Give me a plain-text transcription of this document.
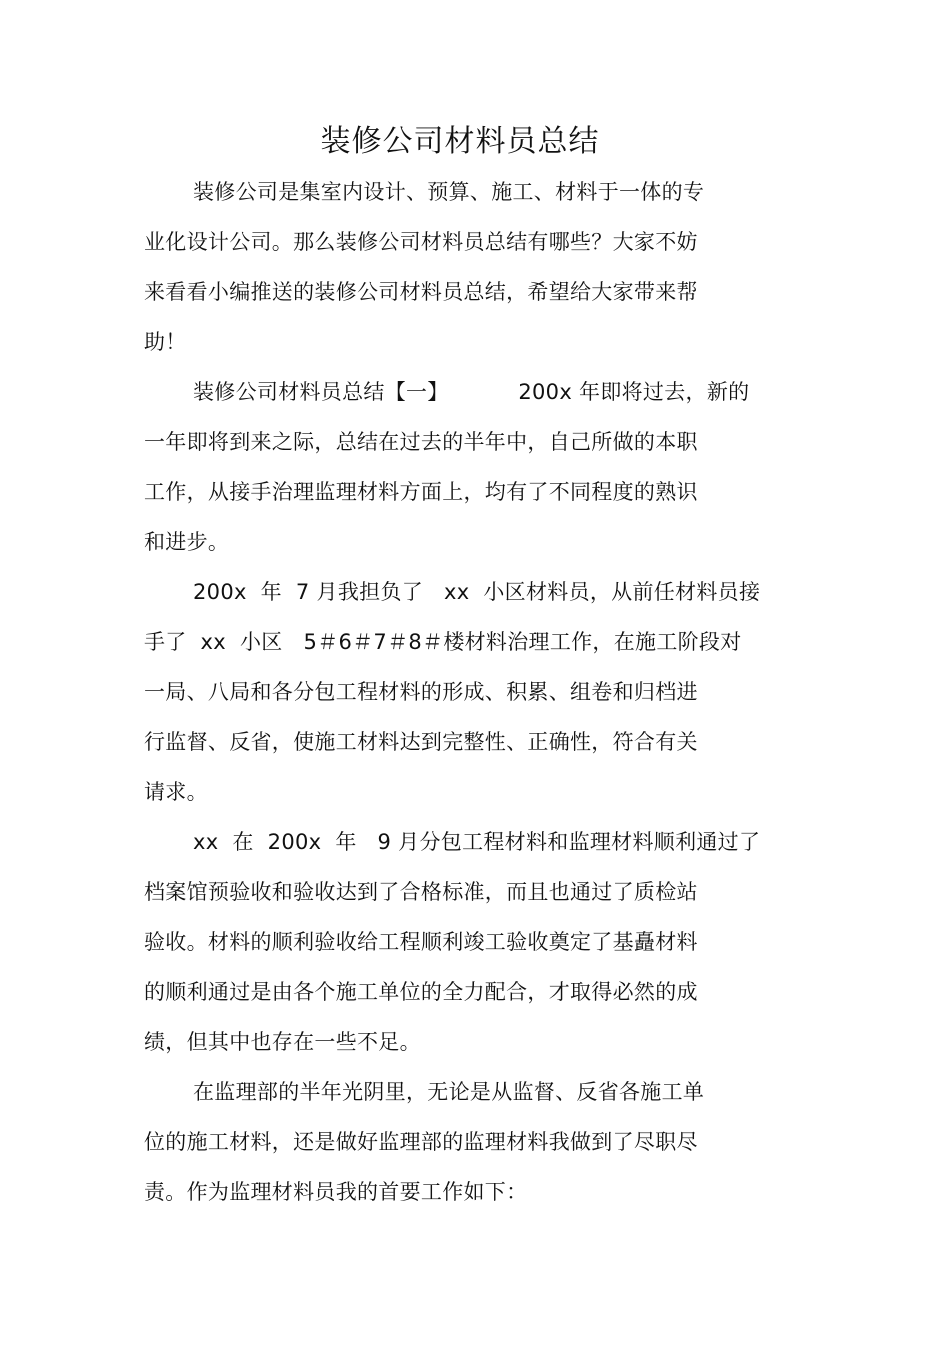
装修公司材料员总结
装修公司是集室内设计、预算、施工、材料于一体的专
业化设计公司。那么装修公司材料员总结有哪些？大家不妨
来看看小编推送的装修公司材料员总结，希望给大家带来帮
助！
装修公司材料员总结【一】          200x 年即将过去，新的
一年即将到来之际，总结在过去的半年中，自己所做的本职
工作，从接手治理监理材料方面上，均有了不同程度的熟识
和进步。
200x  年  7 月我担负了   xx  小区材料员，从前任材料员接
手了  xx  小区   5＃6＃7＃8＃楼材料治理工作，在施工阶段对
一局、八局和各分包工程材料的形成、积累、组卷和归档进
行监督、反省，使施工材料达到完整性、正确性，符合有关
请求。
xx  在  200x  年   9 月分包工程材料和监理材料顺利通过了
档案馆预验收和验收达到了合格标准，而且也通过了质检站
验收。材料的顺利验收给工程顺利竣工验收奠定了基矗材料
的顺利通过是由各个施工单位的全力配合，才取得必然的成
绩，但其中也存在一些不足。
在监理部的半年光阴里，无论是从监督、反省各施工单
位的施工材料，还是做好监理部的监理材料我做到了尽职尽
责。作为监理材料员我的首要工作如下：
